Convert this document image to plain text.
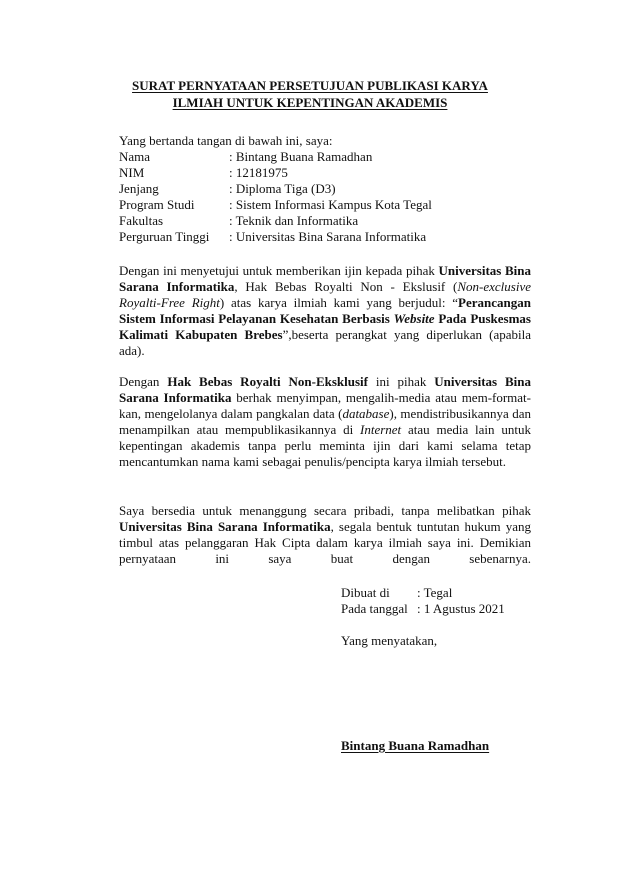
SURAT PERNYATAAN PERSETUJUAN PUBLIKASI KARYA
ILMIAH UNTUK KEPENTINGAN AKADEMIS
Yang bertanda tangan di bawah ini, saya:
Nama	: Bintang Buana Ramadhan
NIM	: 12181975
Jenjang	: Diploma Tiga (D3)
Program Studi	: Sistem Informasi Kampus Kota Tegal
Fakultas	: Teknik dan Informatika
Perguruan Tinggi : Universitas Bina Sarana Informatika
Dengan ini menyetujui untuk memberikan ijin kepada pihak Universitas Bina Sarana Informatika, Hak Bebas Royalti Non - Ekslusif (Non-exclusive Royalti-Free Right) atas karya ilmiah kami yang berjudul: “Perancangan Sistem Informasi Pelayanan Kesehatan Berbasis Website Pada Puskesmas Kalimati Kabupaten Brebes”,beserta perangkat yang diperlukan (apabila ada).
Dengan Hak Bebas Royalti Non-Eksklusif ini pihak Universitas Bina Sarana Informatika berhak menyimpan, mengalih-media atau mem-format-kan, mengelolanya dalam pangkalan data (database), mendistribusikannya dan menampilkan atau mempublikasikannya di Internet atau media lain untuk kepentingan akademis tanpa perlu meminta ijin dari kami selama tetap mencantumkan nama kami sebagai penulis/pencipta karya ilmiah tersebut.
Saya bersedia untuk menanggung secara pribadi, tanpa melibatkan pihak Universitas Bina Sarana Informatika, segala bentuk tuntutan hukum yang timbul atas pelanggaran Hak Cipta dalam karya ilmiah saya ini. Demikian pernyataan ini saya buat dengan sebenarnya.
Dibuat di : Tegal
Pada tanggal : 1 Agustus 2021
Yang menyatakan,
Bintang Buana Ramadhan
